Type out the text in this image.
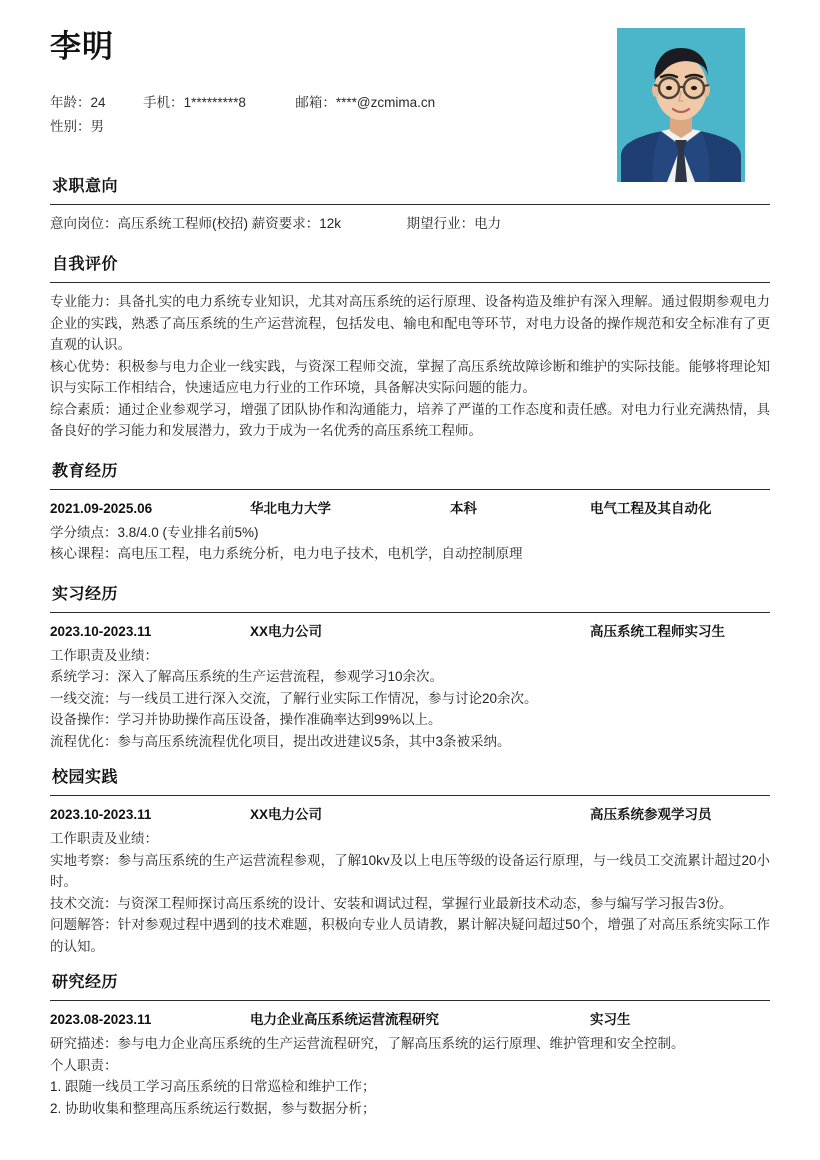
李明
年龄：24	手机：1*********8	邮箱：****@zcmima.cn
性别：男
求职意向
意向岗位：高压系统工程师(校招) 薪资要求：12k	期望行业：电力
自我评价

专业能力：具备扎实的电力系统专业知识，尤其对高压系统的运行原理、设备构造及维护有深入理解。通过假期参观电力企业的实践，熟悉了高压系统的生产运营流程，包括发电、输电和配电等环节，对电力设备的操作规范和安全标准有了更直观的认识。

核心优势：积极参与电力企业一线实践，与资深工程师交流，掌握了高压系统故障诊断和维护的实际技能。能够将理论知识与实际工作相结合，快速适应电力行业的工作环境，具备解决实际问题的能力。

综合素质：通过企业参观学习，增强了团队协作和沟通能力，培养了严谨的工作态度和责任感。对电力行业充满热情，具备良好的学习能力和发展潜力，致力于成为一名优秀的高压系统工程师。

教育经历
2021.09-2025.06	华北电力大学	本科	电气工程及其自动化
学分绩点：3.8/4.0 (专业排名前5%)
核心课程：高电压工程，电力系统分析，电力电子技术，电机学，自动控制原理
实习经历
2023.10-2023.11	XX电力公司	高压系统工程师实习生
工作职责及业绩：
系统学习：深入了解高压系统的生产运营流程，参观学习10余次。
一线交流：与一线员工进行深入交流，了解行业实际工作情况，参与讨论20余次。
设备操作：学习并协助操作高压设备，操作准确率达到99%以上。
流程优化：参与高压系统流程优化项目，提出改进建议5条，其中3条被采纳。
校园实践
2023.10-2023.11	XX电力公司	高压系统参观学习员
工作职责及业绩：
实地考察：参与高压系统的生产运营流程参观，了解10kv及以上电压等级的设备运行原理，与一线员工交流累计超过20小时。
技术交流：与资深工程师探讨高压系统的设计、安装和调试过程，掌握行业最新技术动态，参与编写学习报告3份。
问题解答：针对参观过程中遇到的技术难题，积极向专业人员请教，累计解决疑问超过50个，增强了对高压系统实际工作的认知。
研究经历
2023.08-2023.11	电力企业高压系统运营流程研究	实习生
研究描述：参与电力企业高压系统的生产运营流程研究，了解高压系统的运行原理、维护管理和安全控制。
个人职责：
1. 跟随一线员工学习高压系统的日常巡检和维护工作；
2. 协助收集和整理高压系统运行数据，参与数据分析；
